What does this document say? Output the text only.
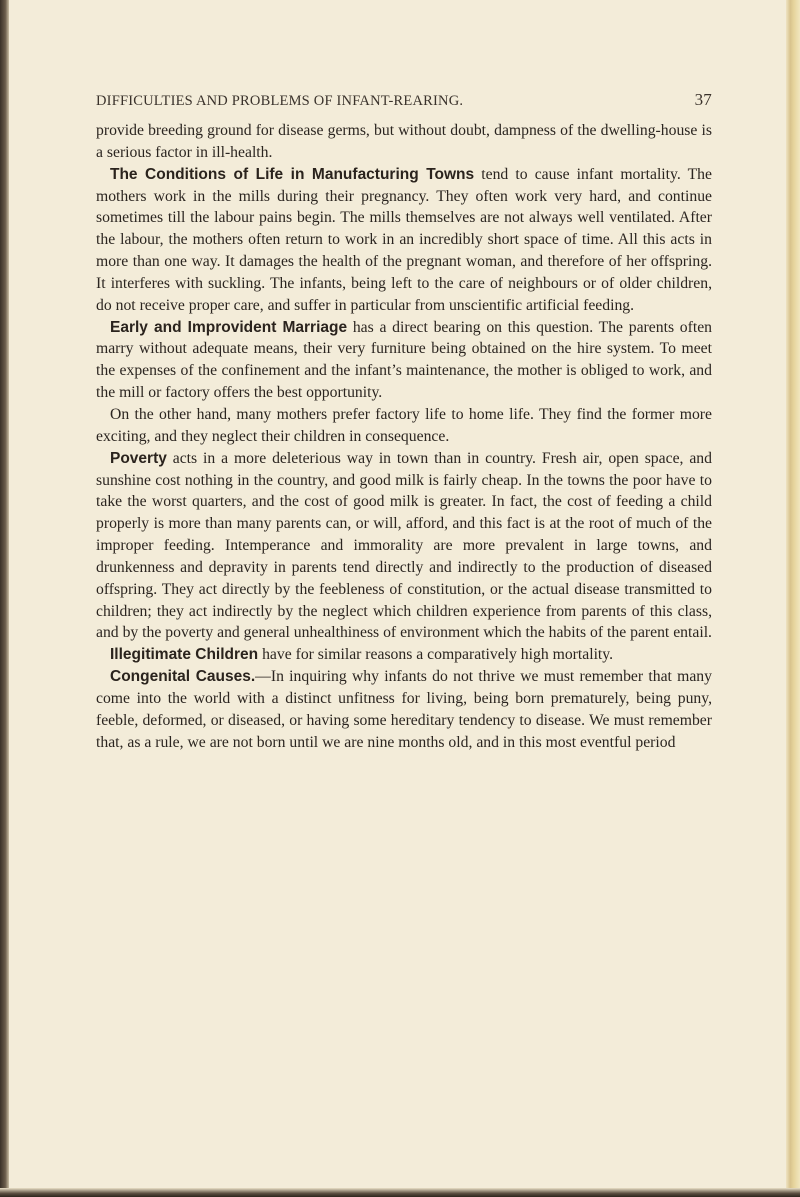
DIFFICULTIES AND PROBLEMS OF INFANT-REARING.	37

provide breeding ground for disease germs, but without doubt, dampness of the dwelling-house is a serious factor in ill-health.

The Conditions of Life in Manufacturing Towns tend to cause infant mortality. The mothers work in the mills during their pregnancy. They often work very hard, and continue sometimes till the labour pains begin. The mills themselves are not always well ventilated. After the labour, the mothers often return to work in an incredibly short space of time. All this acts in more than one way. It damages the health of the pregnant woman, and therefore of her offspring. It interferes with suckling. The infants, being left to the care of neighbours or of older children, do not receive proper care, and suffer in particular from unscientific artificial feeding.

Early and Improvident Marriage has a direct bearing on this question. The parents often marry without adequate means, their very furniture being obtained on the hire system. To meet the expenses of the confinement and the infant’s maintenance, the mother is obliged to work, and the mill or factory offers the best opportunity.

On the other hand, many mothers prefer factory life to home life. They find the former more exciting, and they neglect their children in consequence.

Poverty acts in a more deleterious way in town than in country. Fresh air, open space, and sunshine cost nothing in the country, and good milk is fairly cheap. In the towns the poor have to take the worst quarters, and the cost of good milk is greater. In fact, the cost of feeding a child properly is more than many parents can, or will, afford, and this fact is at the root of much of the improper feeding. Intemperance and immorality are more prevalent in large towns, and drunkenness and depravity in parents tend directly and indirectly to the production of diseased offspring. They act directly by the feebleness of constitution, or the actual disease transmitted to children; they act indirectly by the neglect which children experience from parents of this class, and by the poverty and general unhealthiness of environment which the habits of the parent entail.

Illegitimate Children have for similar reasons a comparatively high mortality.

Congenital Causes.—In inquiring why infants do not thrive we must remember that many come into the world with a distinct unfitness for living, being born prematurely, being puny, feeble, deformed, or diseased, or having some hereditary tendency to disease. We must remember that, as a rule, we are not born until we are nine months old, and in this most eventful period
